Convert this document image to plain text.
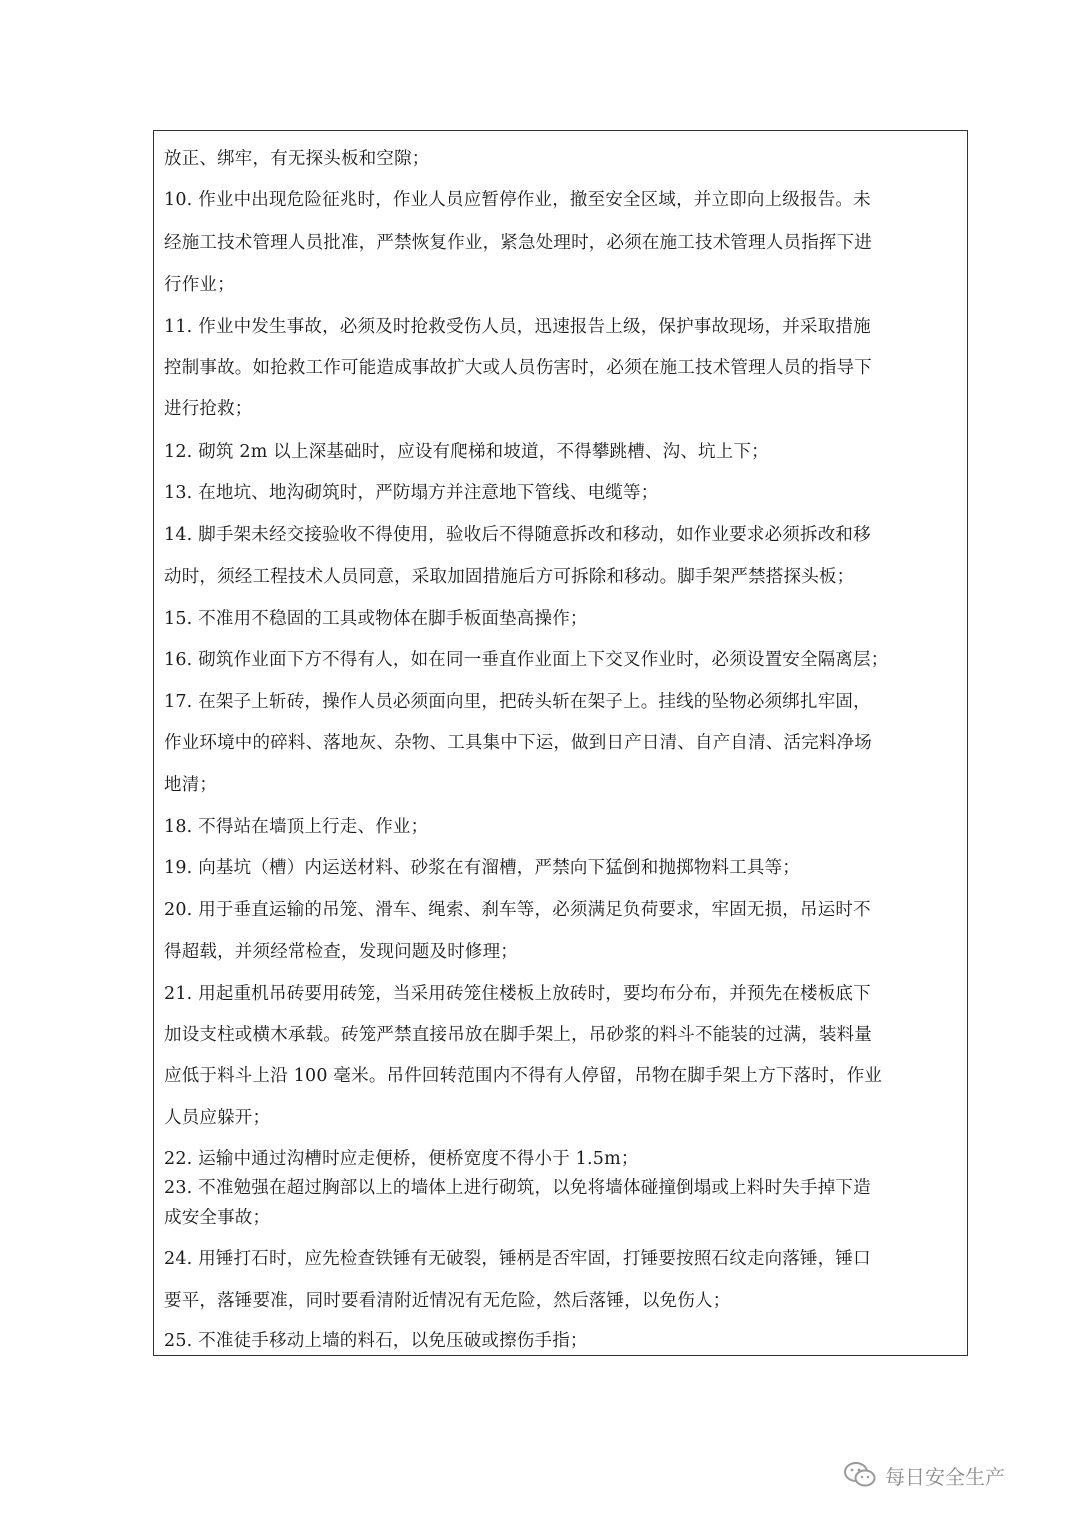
放正、绑牢，有无探头板和空隙；
10. 作业中出现危险征兆时，作业人员应暂停作业，撤至安全区域，并立即向上级报告。未
经施工技术管理人员批准，严禁恢复作业，紧急处理时，必须在施工技术管理人员指挥下进
行作业；
11. 作业中发生事故，必须及时抢救受伤人员，迅速报告上级，保护事故现场，并采取措施
控制事故。如抢救工作可能造成事故扩大或人员伤害时，必须在施工技术管理人员的指导下
进行抢救；
12. 砌筑 2m 以上深基础时，应设有爬梯和坡道，不得攀跳槽、沟、坑上下；
13. 在地坑、地沟砌筑时，严防塌方并注意地下管线、电缆等；
14. 脚手架未经交接验收不得使用，验收后不得随意拆改和移动，如作业要求必须拆改和移
动时，须经工程技术人员同意，采取加固措施后方可拆除和移动。脚手架严禁搭探头板；
15. 不准用不稳固的工具或物体在脚手板面垫高操作；
16. 砌筑作业面下方不得有人，如在同一垂直作业面上下交叉作业时，必须设置安全隔离层；
17. 在架子上斩砖，操作人员必须面向里，把砖头斩在架子上。挂线的坠物必须绑扎牢固，
作业环境中的碎料、落地灰、杂物、工具集中下运，做到日产日清、自产自清、活完料净场
地清；
18. 不得站在墙顶上行走、作业；
19. 向基坑（槽）内运送材料、砂浆在有溜槽，严禁向下猛倒和抛掷物料工具等；
20. 用于垂直运输的吊笼、滑车、绳索、刹车等，必须满足负荷要求，牢固无损，吊运时不
得超载，并须经常检查，发现问题及时修理；
21. 用起重机吊砖要用砖笼，当采用砖笼住楼板上放砖时，要均布分布，并预先在楼板底下
加设支柱或横木承载。砖笼严禁直接吊放在脚手架上，吊砂浆的料斗不能装的过满，装料量
应低于料斗上沿 100 毫米。吊件回转范围内不得有人停留，吊物在脚手架上方下落时，作业
人员应躲开；
22. 运输中通过沟槽时应走便桥，便桥宽度不得小于 1.5m；
23. 不准勉强在超过胸部以上的墙体上进行砌筑，以免将墙体碰撞倒塌或上料时失手掉下造
成安全事故；
24. 用锤打石时，应先检查铁锤有无破裂，锤柄是否牢固，打锤要按照石纹走向落锤，锤口
要平，落锤要准，同时要看清附近情况有无危险，然后落锤，以免伤人；
25. 不准徒手移动上墙的料石，以免压破或擦伤手指；
每日安全生产
